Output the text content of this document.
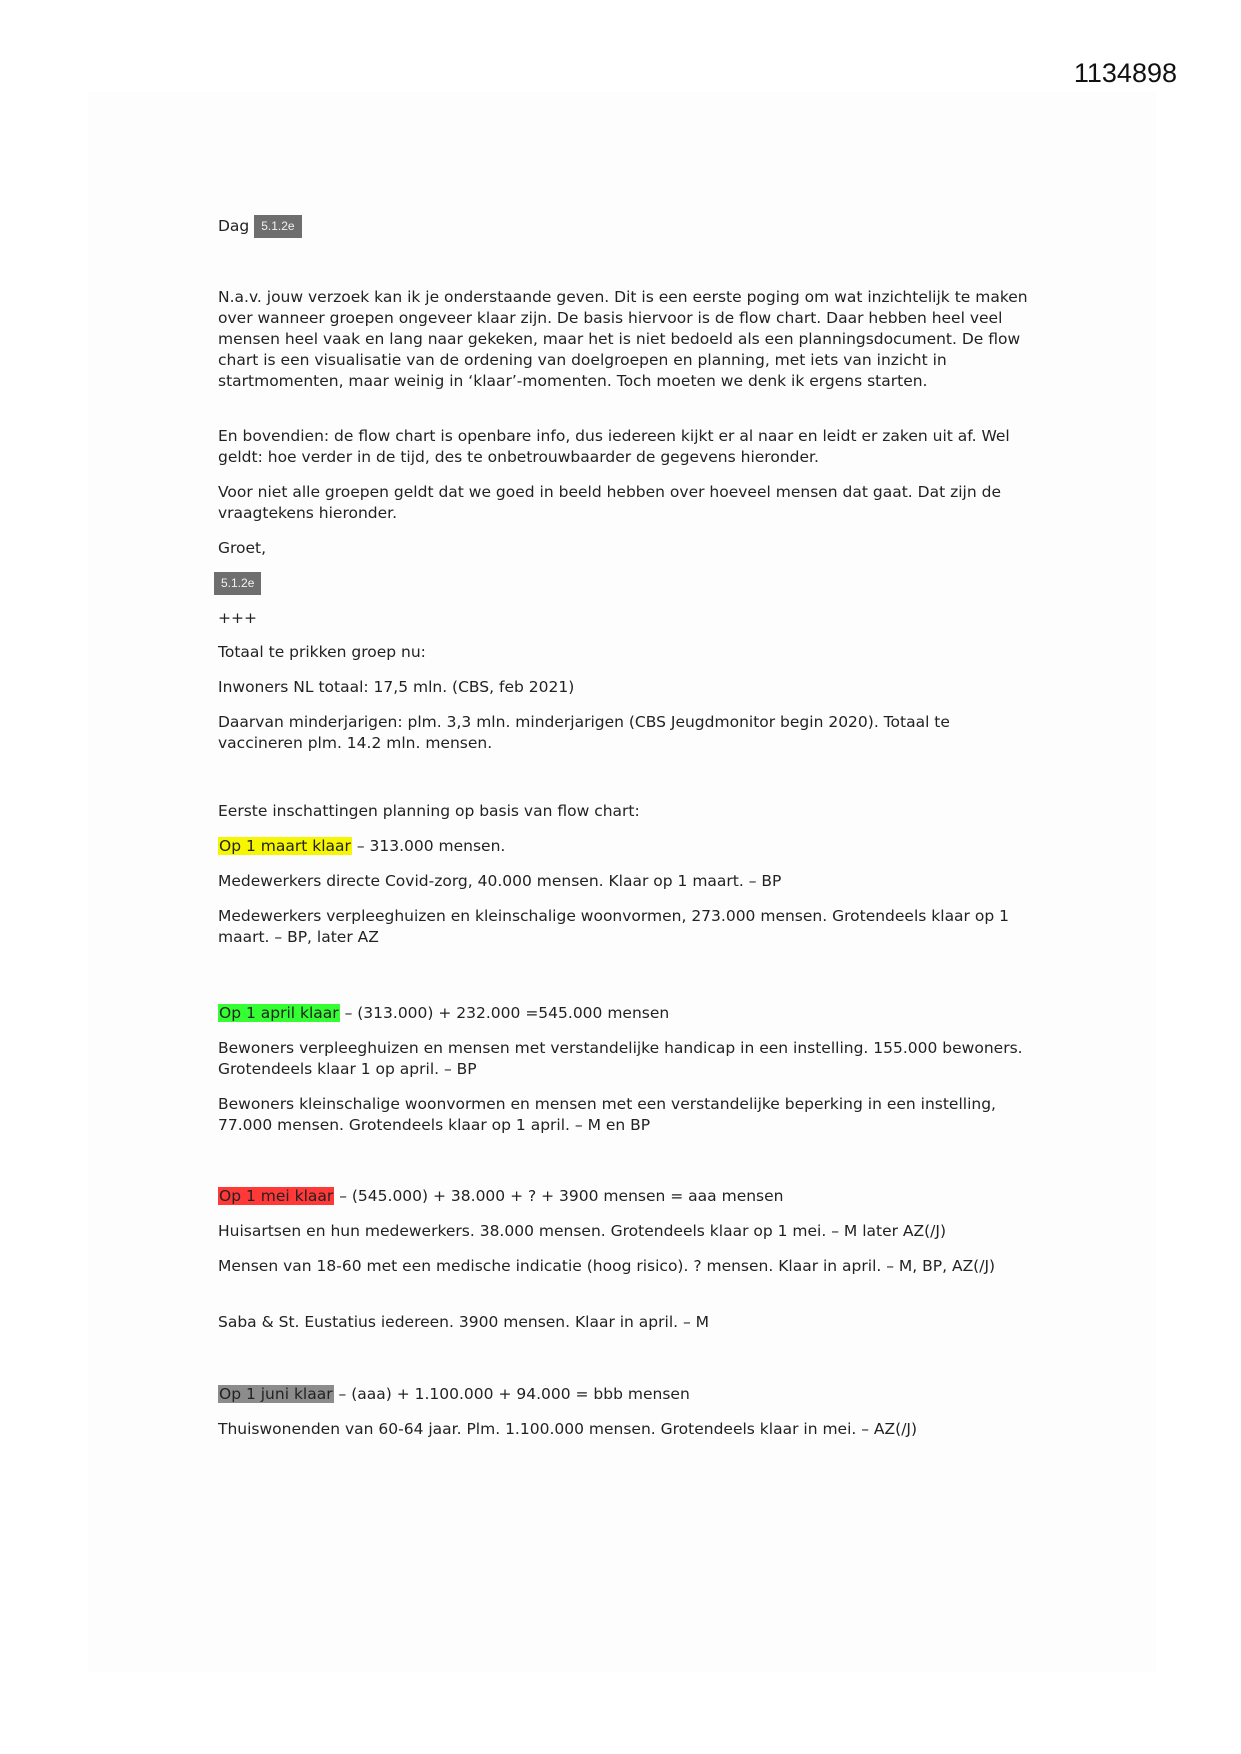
1134898
Dag 5.1.2e
N.a.v. jouw verzoek kan ik je onderstaande geven. Dit is een eerste poging om wat inzichtelijk te maken over wanneer groepen ongeveer klaar zijn. De basis hiervoor is de flow chart. Daar hebben heel veel mensen heel vaak en lang naar gekeken, maar het is niet bedoeld als een planningsdocument. De flow chart is een visualisatie van de ordening van doelgroepen en planning, met iets van inzicht in startmomenten, maar weinig in ‘klaar’-momenten. Toch moeten we denk ik ergens starten.
En bovendien: de flow chart is openbare info, dus iedereen kijkt er al naar en leidt er zaken uit af. Wel geldt: hoe verder in de tijd, des te onbetrouwbaarder de gegevens hieronder.
Voor niet alle groepen geldt dat we goed in beeld hebben over hoeveel mensen dat gaat. Dat zijn de vraagtekens hieronder.
Groet,
5.1.2e
+++
Totaal te prikken groep nu:
Inwoners NL totaal: 17,5 mln. (CBS, feb 2021)
Daarvan minderjarigen: plm. 3,3 mln. minderjarigen (CBS Jeugdmonitor begin 2020). Totaal te vaccineren plm. 14.2 mln. mensen.
Eerste inschattingen planning op basis van flow chart:
Op 1 maart klaar – 313.000 mensen.
Medewerkers directe Covid-zorg, 40.000 mensen. Klaar op 1 maart. – BP
Medewerkers verpleeghuizen en kleinschalige woonvormen, 273.000 mensen. Grotendeels klaar op 1 maart. – BP, later AZ
Op 1 april klaar – (313.000) + 232.000 =545.000 mensen
Bewoners verpleeghuizen en mensen met verstandelijke handicap in een instelling. 155.000 bewoners. Grotendeels klaar 1 op april. – BP
Bewoners kleinschalige woonvormen en mensen met een verstandelijke beperking in een instelling, 77.000 mensen. Grotendeels klaar op 1 april. – M en BP
Op 1 mei klaar – (545.000) + 38.000 + ? + 3900 mensen = aaa mensen
Huisartsen en hun medewerkers. 38.000 mensen. Grotendeels klaar op 1 mei. – M later AZ(/J)
Mensen van 18-60 met een medische indicatie (hoog risico). ? mensen. Klaar in april. – M, BP, AZ(/J)
Saba & St. Eustatius iedereen. 3900 mensen. Klaar in april. – M
Op 1 juni klaar – (aaa) + 1.100.000 + 94.000 = bbb mensen
Thuiswonenden van 60-64 jaar. Plm. 1.100.000 mensen. Grotendeels klaar in mei. – AZ(/J)
